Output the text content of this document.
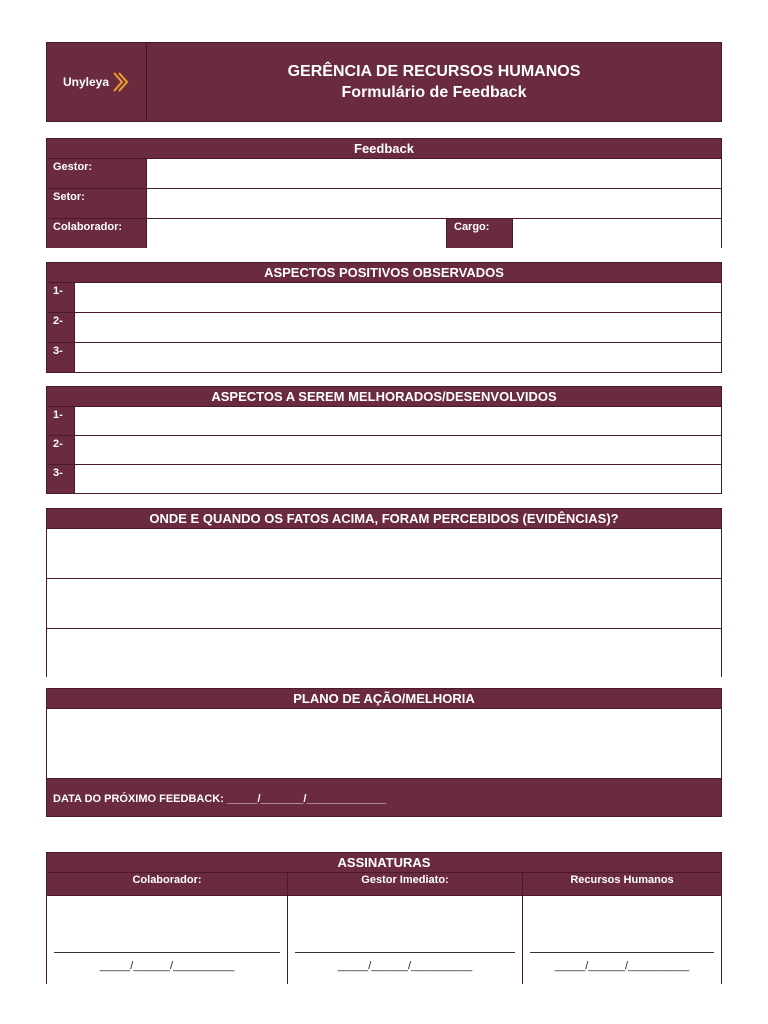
Unyleya
GERÊNCIA DE RECURSOS HUMANOS
Formulário de Feedback
Feedback
Gestor:
Setor:
Colaborador:	Cargo:
ASPECTOS POSITIVOS OBSERVADOS
1-
2-
3-
ASPECTOS A SEREM MELHORADOS/DESENVOLVIDOS
1-
2-
3-
ONDE E QUANDO OS FATOS ACIMA, FORAM PERCEBIDOS (EVIDÊNCIAS)?
PLANO DE AÇÃO/MELHORIA
DATA DO PRÓXIMO FEEDBACK: _____/_______/_____________
ASSINATURAS
Colaborador:	Gestor Imediato:	Recursos Humanos
_____/______/__________	_____/______/__________	_____/______/__________
